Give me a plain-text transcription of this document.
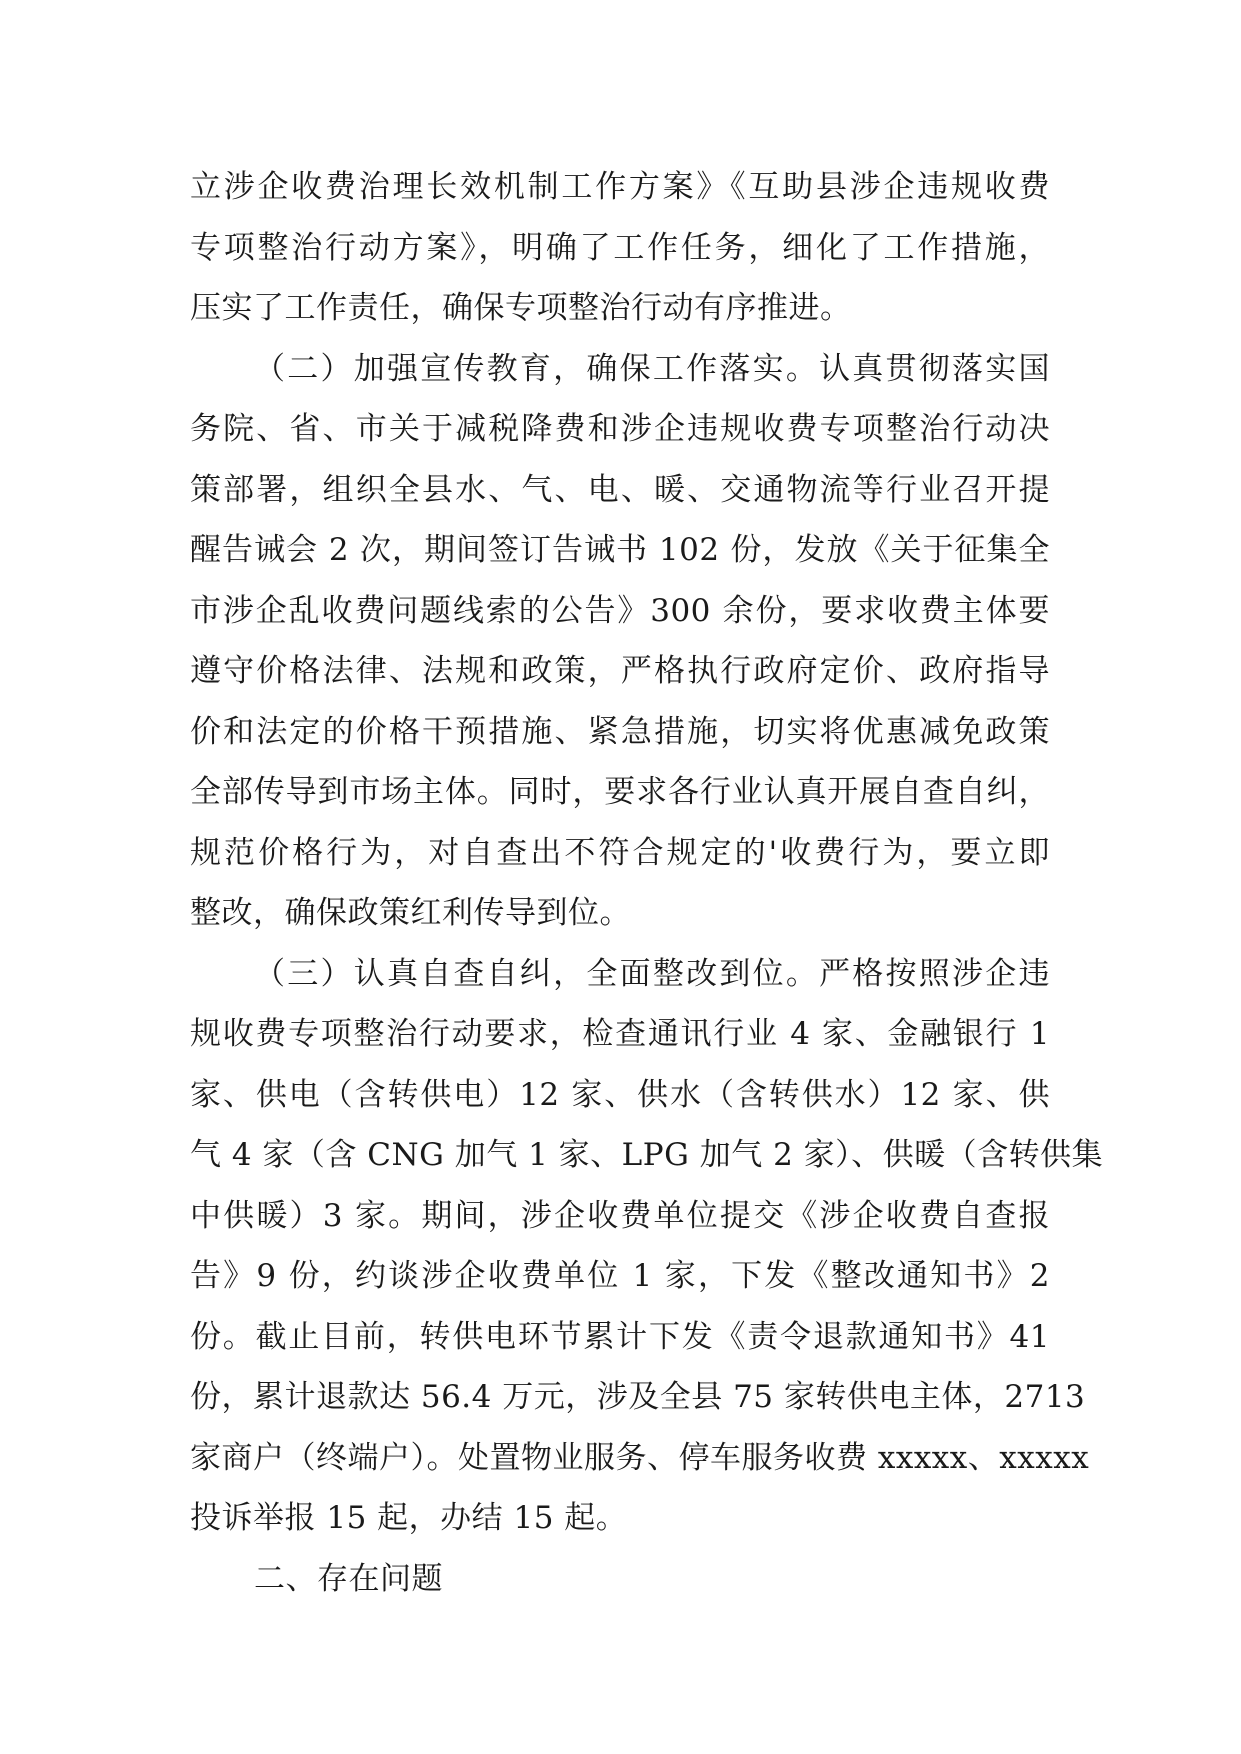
立涉企收费治理长效机制工作方案》《互助县涉企违规收费
专项整治行动方案》，明确了工作任务，细化了工作措施，
压实了工作责任，确保专项整治行动有序推进。
（二）加强宣传教育，确保工作落实。认真贯彻落实国
务院、省、市关于减税降费和涉企违规收费专项整治行动决
策部署，组织全县水、气、电、暖、交通物流等行业召开提
醒告诫会 2 次，期间签订告诫书 102 份，发放《关于征集全
市涉企乱收费问题线索的公告》300 余份，要求收费主体要
遵守价格法律、法规和政策，严格执行政府定价、政府指导
价和法定的价格干预措施、紧急措施，切实将优惠减免政策
全部传导到市场主体。同时，要求各行业认真开展自查自纠，
规范价格行为，对自查出不符合规定的'收费行为，要立即
整改，确保政策红利传导到位。
（三）认真自查自纠，全面整改到位。严格按照涉企违
规收费专项整治行动要求，检查通讯行业 4 家、金融银行 1
家、供电（含转供电）12 家、供水（含转供水）12 家、供
气 4 家（含 CNG 加气 1 家、LPG 加气 2 家）、供暖（含转供集
中供暖）3 家。期间，涉企收费单位提交《涉企收费自查报
告》9 份，约谈涉企收费单位 1 家，下发《整改通知书》2
份。截止目前，转供电环节累计下发《责令退款通知书》41
份，累计退款达 56.4 万元，涉及全县 75 家转供电主体，2713
家商户（终端户）。处置物业服务、停车服务收费 xxxxx、xxxxx
投诉举报 15 起，办结 15 起。
二、存在问题
